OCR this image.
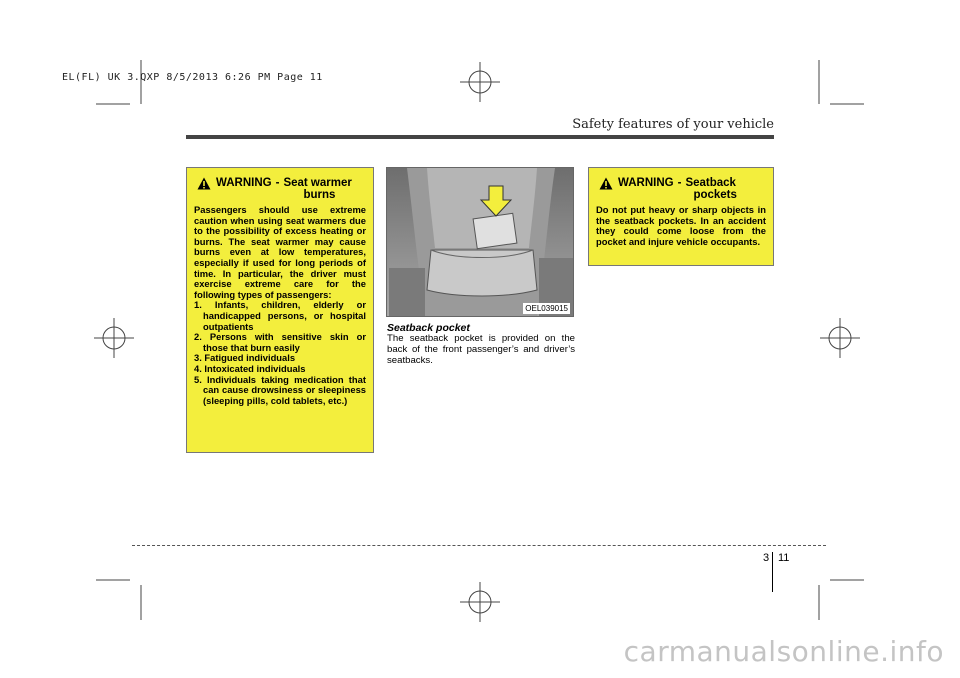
EL(FL) UK 3.QXP 8/5/2013 6:26 PM Page 11
Safety features of your vehicle
WARNING - Seat warmer
burns

Passengers should use extreme caution when using seat warmers due to the possibility of excess heating or burns. The seat warmer may cause burns even at low temperatures, especially if used for long periods of time. In particular, the driver must exercise extreme care for the following types of passengers:

1. Infants, children, elderly or handicapped persons, or hospital outpatients
2. Persons with sensitive skin or those that burn easily
3. Fatigued individuals
4. Intoxicated individuals
5. Individuals taking medication that can cause drowsiness or sleepiness (sleeping pills, cold tablets, etc.)
OEL039015
Seatback pocket
The seatback pocket is provided on the back of the front passenger’s and driver’s seatbacks.
WARNING - Seatback
pockets

Do not put heavy or sharp objects in the seatback pockets. In an accident they could come loose from the pocket and injure vehicle occupants.

3 11
carmanualsonline.info
